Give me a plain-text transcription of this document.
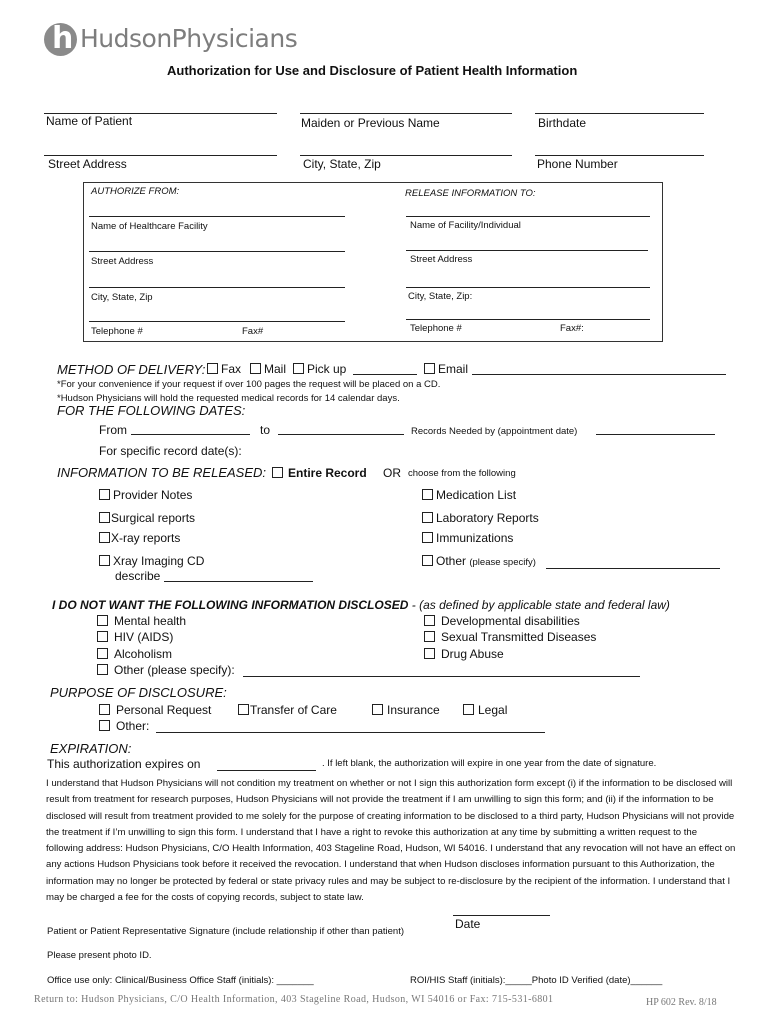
h HudsonPhysicians
Authorization for Use and Disclosure of Patient Health Information
Name of Patient	Maiden or Previous Name	Birthdate
Street Address	City, State, Zip	Phone Number
AUTHORIZE FROM:	RELEASE INFORMATION TO:
Name of Healthcare Facility	Name of Facility/Individual
Street Address	Street Address
City, State, Zip	City, State, Zip:
Telephone #	Fax#	Telephone #	Fax#:
METHOD OF DELIVERY:	Fax	Mail	Pick up	Email
*For your convenience if your request if over 100 pages the request will be placed on a CD.
*Hudson Physicians will hold the requested medical records for 14 calendar days.
FOR THE FOLLOWING DATES:
From	to	Records Needed by (appointment date)
For specific record date(s):
INFORMATION TO BE RELEASED:	Entire Record OR choose from the following
Provider Notes
Surgical reports
X-ray reports
Xray Imaging CD
describe
Medication List
Laboratory Reports
Immunizations
Other (please specify)
I DO NOT WANT THE FOLLOWING INFORMATION DISCLOSED - (as defined by applicable state and federal law)
Mental health
HIV (AIDS)
Alcoholism
Other (please specify):
Developmental disabilities
Sexual Transmitted Diseases
Drug Abuse
PURPOSE OF DISCLOSURE:
Personal Request	Transfer of Care	Insurance	Legal
Other:
EXPIRATION:
This authorization expires on	. If left blank, the authorization will expire in one year from the date of signature.
I understand that Hudson Physicians will not condition my treatment on whether or not I sign this authorization form except (i) if the information to be disclosed will result from treatment for research purposes, Hudson Physicians will not provide the treatment if I am unwilling to sign this form; and (ii) if the information to be disclosed will result from treatment provided to me solely for the purpose of creating information to be disclosed to a third party, Hudson Physicians will not provide the treatment if I’m unwilling to sign this form. I understand that I have a right to revoke this authorization at any time by submitting a written request to the following address: Hudson Physicians, C/O Health Information, 403 Stageline Road, Hudson, WI 54016. I understand that any revocation will not have an effect on any actions Hudson Physicians took before it received the revocation. I understand that when Hudson discloses information pursuant to this Authorization, the information may no longer be protected by federal or state privacy rules and may be subject to re-disclosure by the recipient of the information. I understand that I may be charged a fee for the costs of copying records, subject to state law.
Date
Patient or Patient Representative Signature (include relationship if other than patient)
Please present photo ID.
Office use only: Clinical/Business Office Staff (initials): _______	ROI/HIS Staff (initials):_____Photo ID Verified (date)______
Return to: Hudson Physicians, C/O Health Information, 403 Stageline Road, Hudson, WI 54016 or Fax: 715-531-6801	HP 602 Rev. 8/18
